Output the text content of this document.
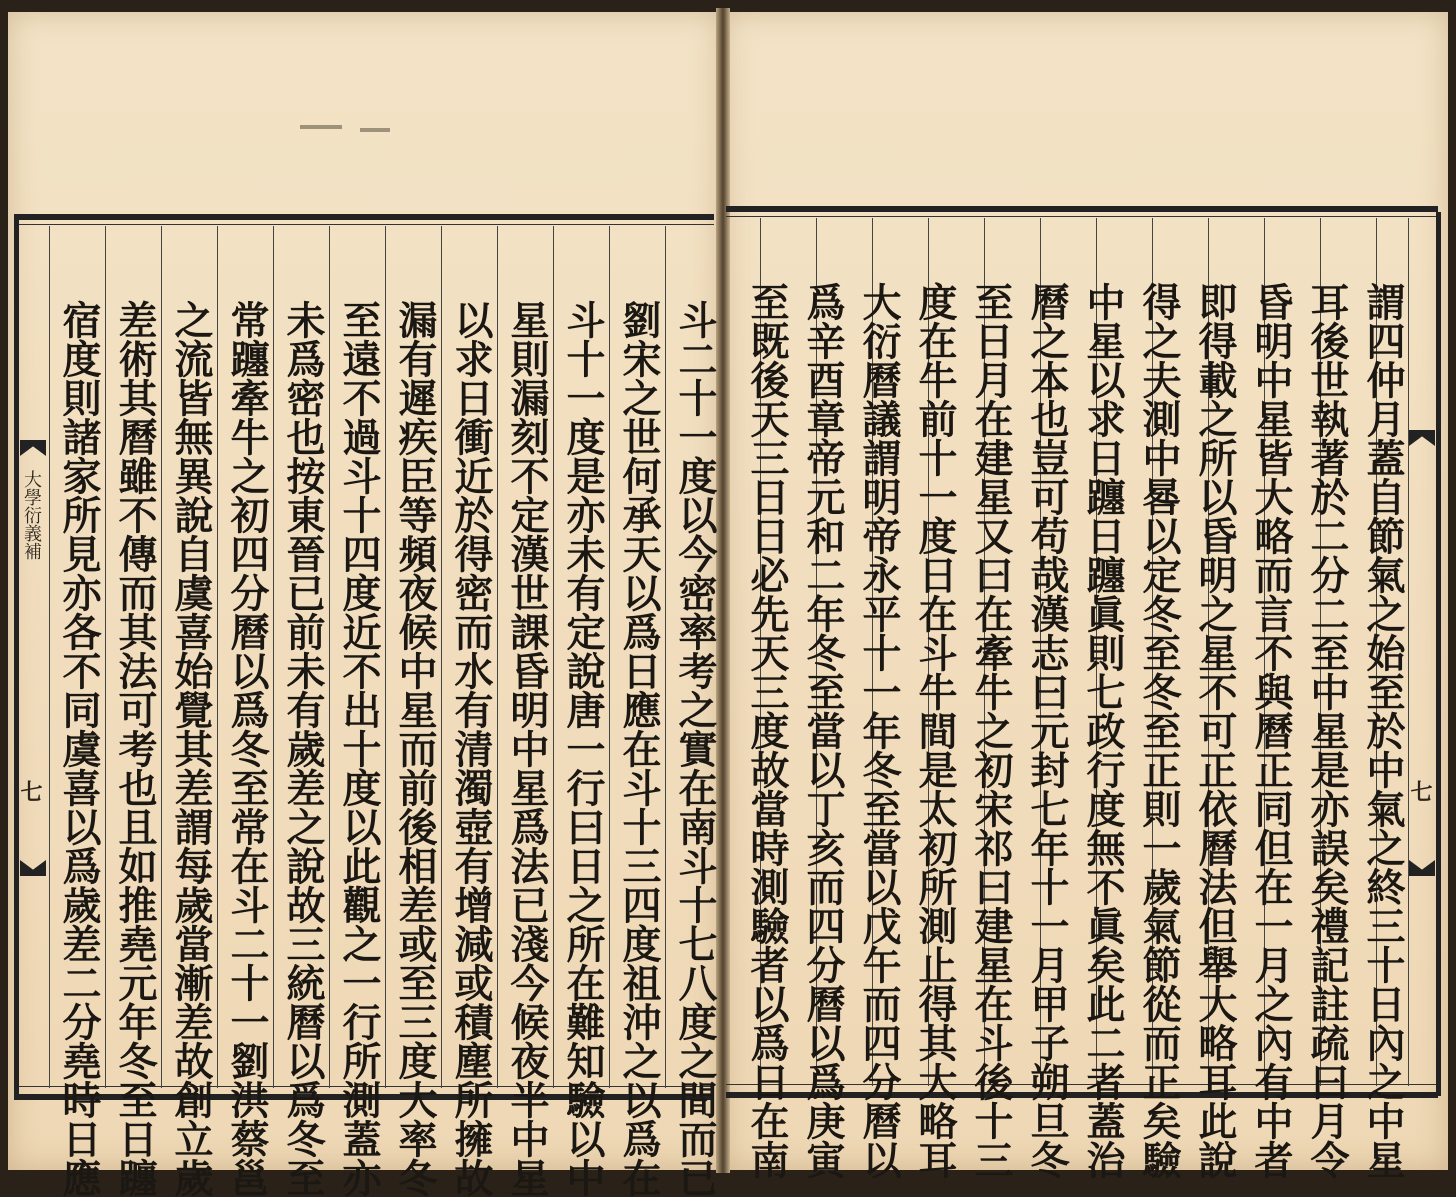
大學衍義補
七	七
斗二十一度以今密率考之實在南斗十七八度之間而已
劉宋之世何承天以爲日應在斗十三四度祖沖之以爲在
斗十一度是亦未有定說唐一行曰日之所在難知驗以中
星則漏刻不定漢世課昏明中星爲法已淺今候夜半中星
以求日衝近於得密而水有清濁壺有增減或積塵所擁故
漏有遲疾臣等頻夜候中星而前後相差或至三度大率冬
至遠不過斗十四度近不出十度以此觀之一行所測蓋亦
未爲密也按東晉已前未有歲差之說故三統曆以爲冬至
常躔牽牛之初四分曆以爲冬至常在斗二十一劉洪蔡邕
之流皆無異說自虞喜始覺其差謂每歲當漸差故創立歲
差術其曆雖不傳而其法可考也且如推堯元年冬至日躔
宿度則諸家所見亦各不同虞喜以爲歲差二分堯時日應	謂四仲月蓋自節氣之始至於中氣之終三十日內之中星
耳後世執著於二分二至中星是亦誤矣禮記註疏曰月令
昏明中星皆大略而言不與曆正同但在一月之內有中者
即得載之所以昏明之星不可正依曆法但舉大略耳此說
得之夫測中晷以定冬至冬至正則一歲氣節從而正矣驗
中星以求日躔日躔眞則七政行度無不眞矣此二者蓋治
曆之本也豈可苟哉漢志曰元封七年十一月甲子朔旦冬
至日月在建星又曰在牽牛之初宋祁曰建星在斗後十三
度在牛前十一度日在斗牛間是太初所測止得其大略耳
大衍曆議謂明帝永平十一年冬至當以戊午而四分曆以
爲辛酉章帝元和二年冬至當以丁亥而四分曆以爲庚寅
至既後天三日日必先天三度故當時測驗者以爲日在南
